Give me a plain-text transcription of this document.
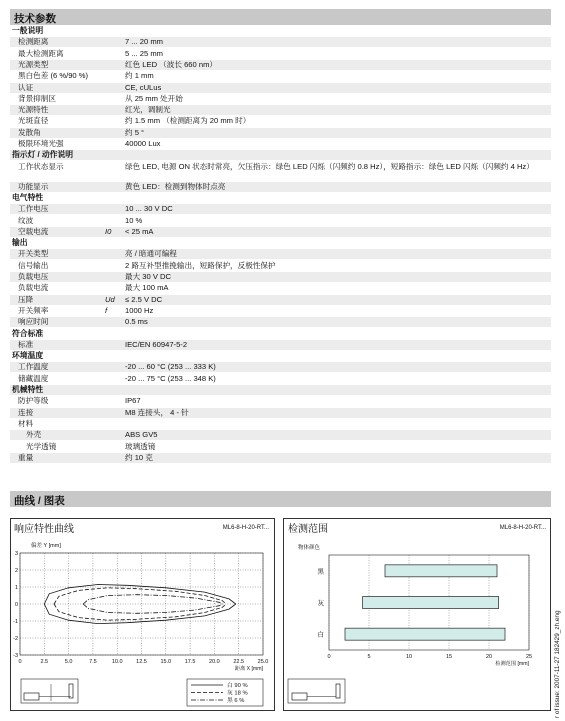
技术参数
一般说明
检测距离	7 ... 20 mm
最大检测距离	5 ... 25 mm
光源类型	红色 LED （波长 660 nm）
黑白色差 (6 %/90 %)	约 1 mm
认证	CE, cULus
背景抑制区	从 25 mm 处开始
光源特性	红光，调制光
光斑直径	约 1.5 mm （检测距离为 20 mm 时）
发散角	约 5 °
极限环境光强	40000 Lux
指示灯 / 动作说明
工作状态显示	绿色 LED, 电源 ON 状态时常亮，欠压指示：绿色 LED 闪烁（闪频约 0.8 Hz），短路指示：绿色 LED 闪烁（闪频约 4 Hz）
功能显示	黄色 LED：检测到物体时点亮
电气特性
工作电压	10 ... 30 V DC
纹波	10 %
空载电流	I0 < 25 mA
输出
开关类型	亮 / 暗通可编程
信号输出	2 路互补型推挽输出，短路保护，反极性保护
负载电压	最大 30 V DC
负载电流	最大 100 mA
压降	Ud ≤ 2.5 V DC
开关频率	f 1000 Hz
响应时间	0.5 ms
符合标准
标准	IEC/EN 60947-5-2
环境温度
工作温度	-20 ... 60 °C (253 ... 333 K)
储藏温度	-20 ... 75 °C (253 ... 348 K)
机械特性
防护等级	IP67
连接	M8 连接头， 4 - 针
材料
外壳	ABS GV5
光学透镜	玻璃透镜
重量	约 10 克
曲线 / 图表
响应特性曲线	ML6-8-H-20-RT...
偏差 Y [mm]
3
2
1
0
-1
-2
-3
0	2.5	5.0	7.5	10.0 12.5 15.0 17.5 20.0 22.5 25.0
距离 X [mm]
白 90 %
灰 18 %
黑 6 %
检测范围	ML6-8-H-20-RT...
物体颜色
黑
灰
白
0	5	10	15	20	25
检测范围 [mm]	r of issue: 2007-11-27 182429_zh.eng
